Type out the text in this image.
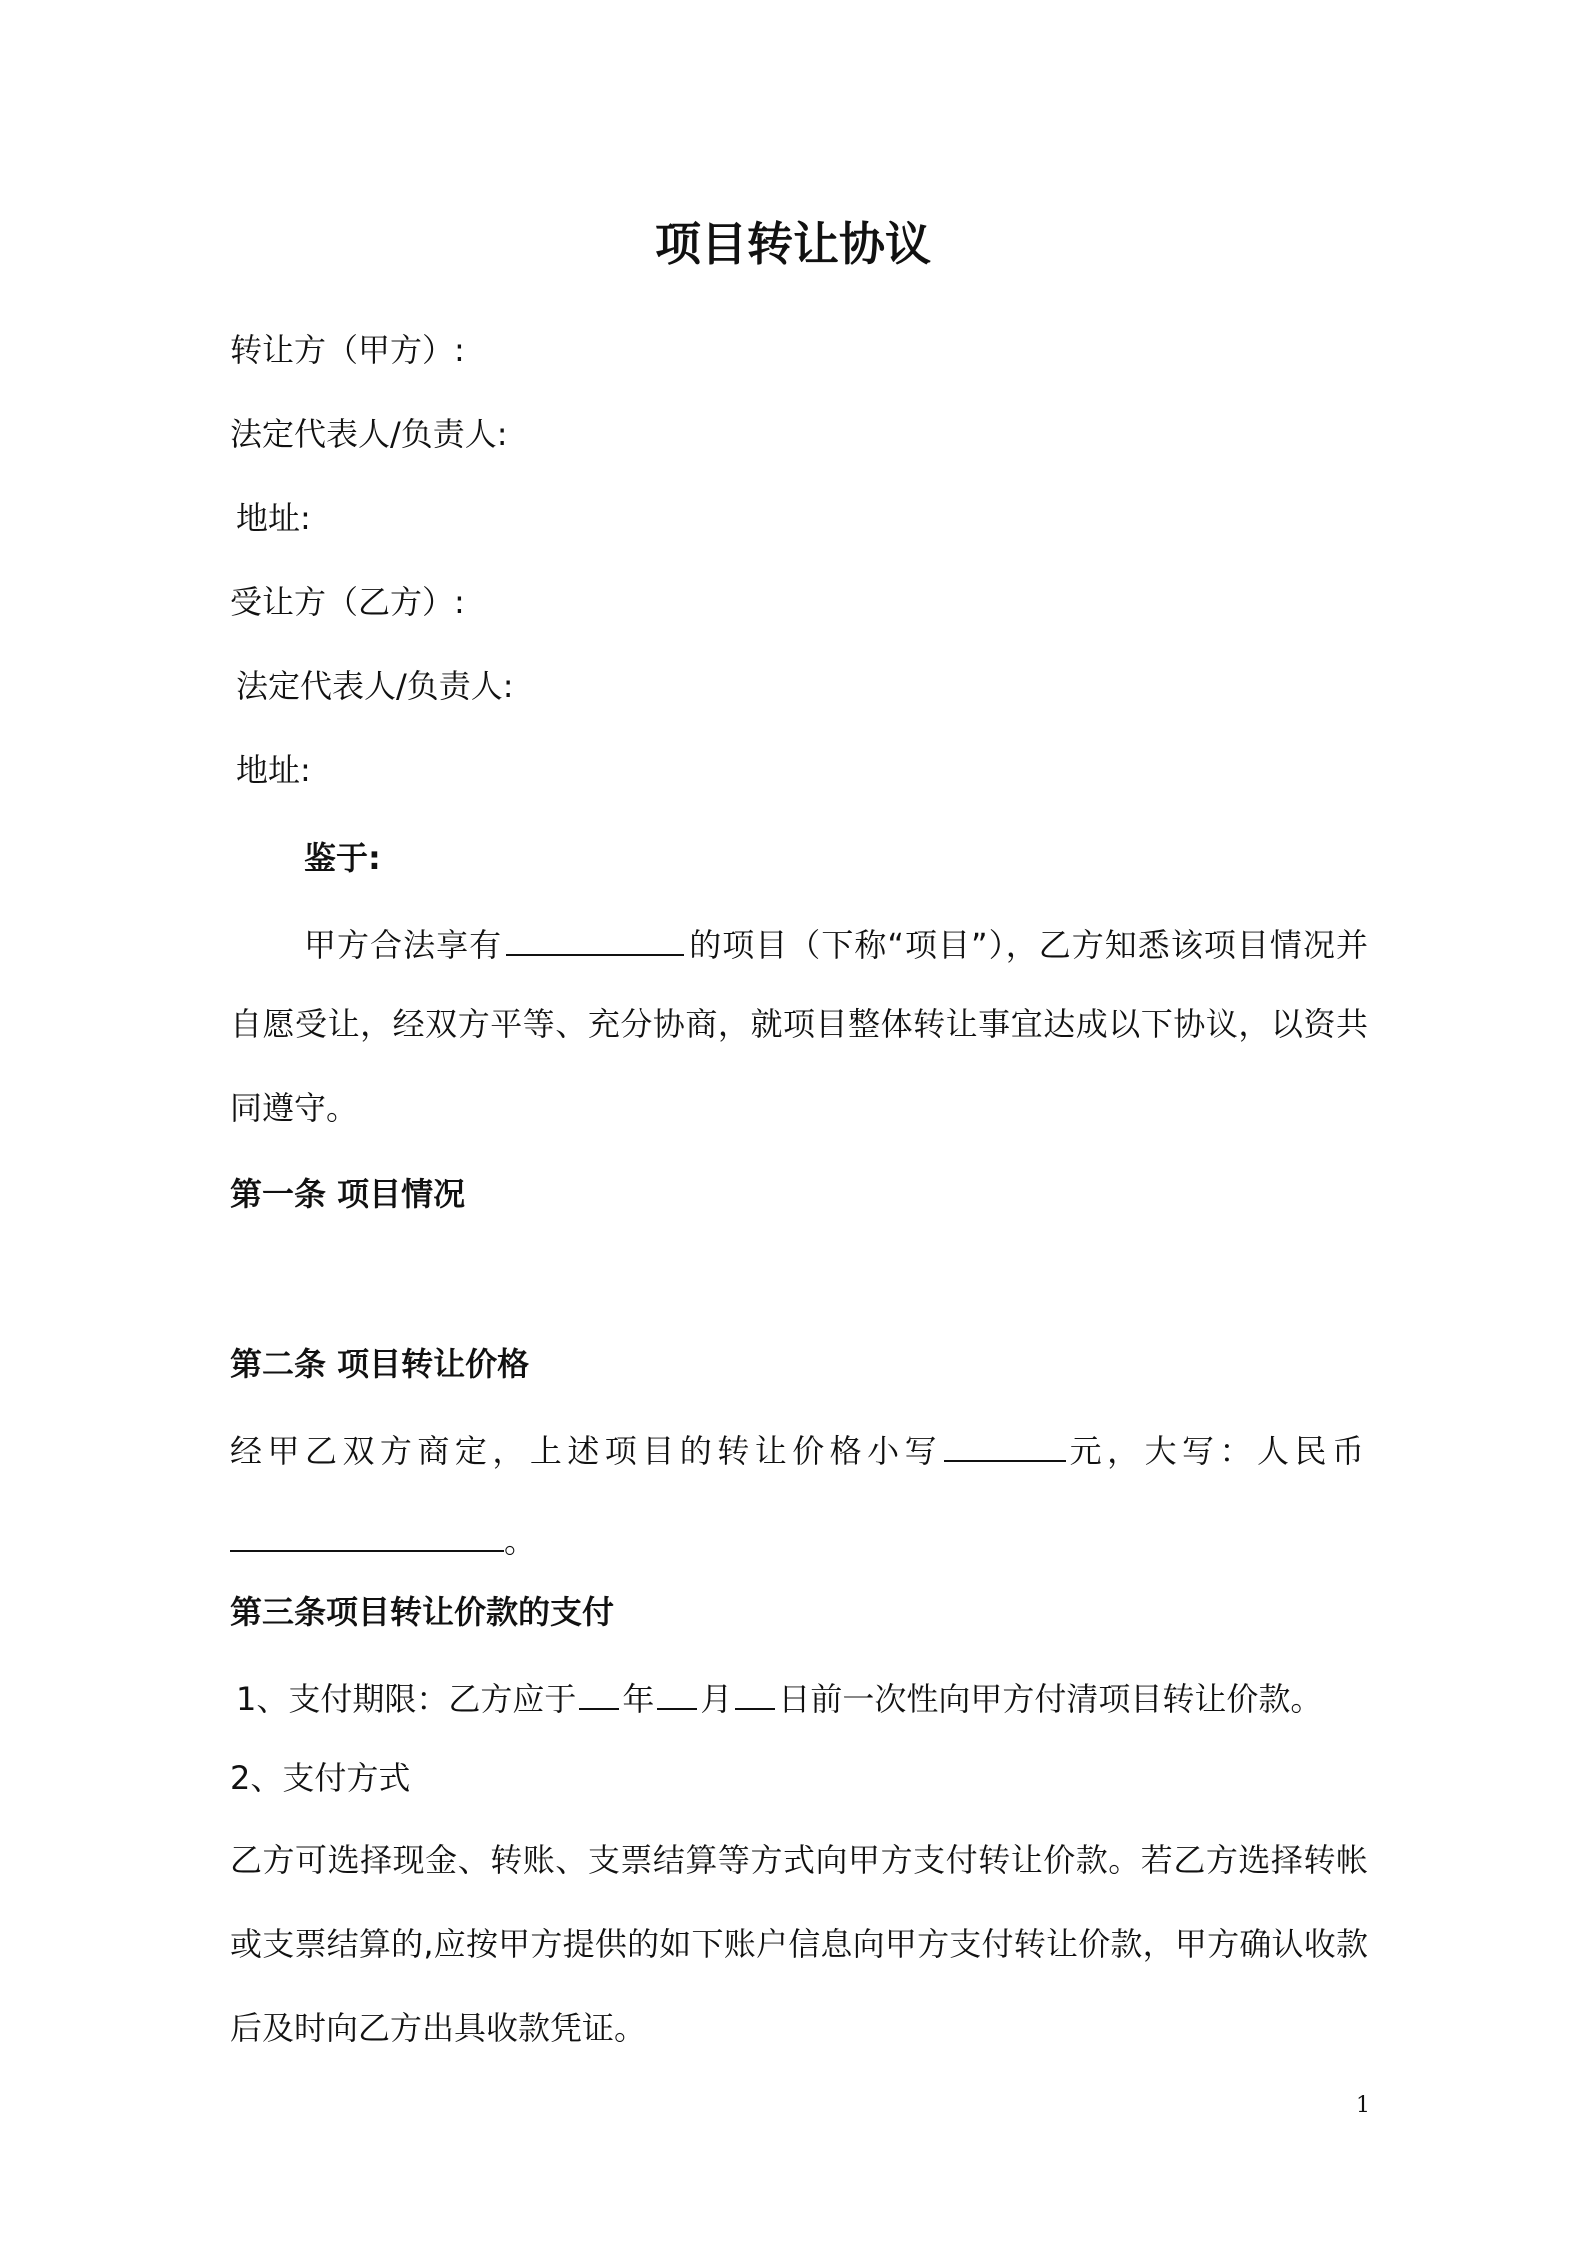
项目转让协议
转让方（甲方）:
法定代表人/负责人:
地址:
受让方（乙方）:
法定代表人/负责人:
地址:
鉴于:
甲方合法享有	的项目（下称“项目”），乙方知悉该项目情况并
自愿受让，经双方平等、充分协商，就项目整体转让事宜达成以下协议，以资共
同遵守。
第一条 项目情况
第二条 项目转让价格
经甲乙双方商定，上述项目的转让价格小写	元，大写：人民币
。
第三条项目转让价款的支付
1、支付期限：乙方应于 年 月 日前一次性向甲方付清项目转让价款。
2、支付方式
乙方可选择现金、转账、支票结算等方式向甲方支付转让价款。若乙方选择转帐
或支票结算的,应按甲方提供的如下账户信息向甲方支付转让价款，甲方确认收款
后及时向乙方出具收款凭证。
1
